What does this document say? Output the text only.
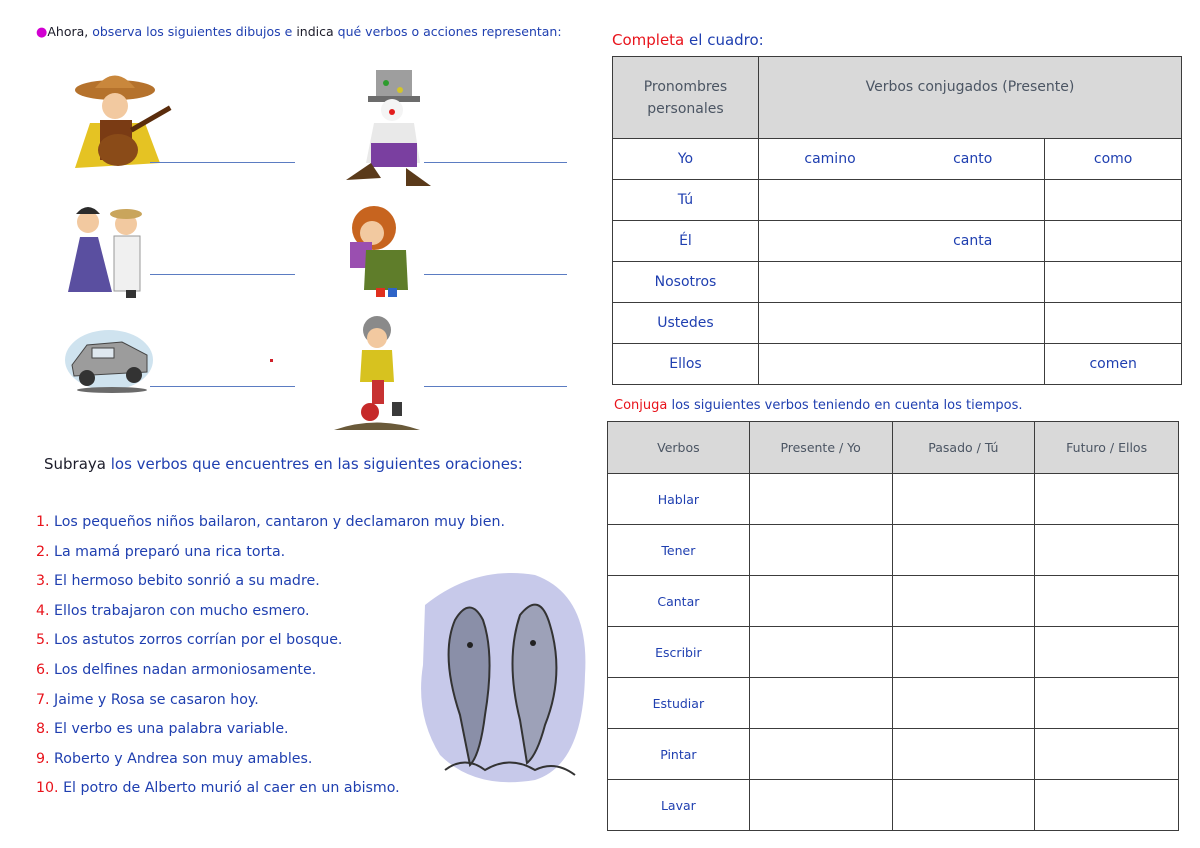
●Ahora, observa los siguientes dibujos e indica qué verbos o acciones representan:
Subraya los verbos que encuentres en las siguientes oraciones:
1. Los pequeños niños bailaron, cantaron y declamaron muy bien.
2. La mamá preparó una rica torta.
3. El hermoso bebito sonrió a su madre.
4. Ellos trabajaron con mucho esmero.
5. Los astutos zorros corrían por el bosque.
6. Los delfines nadan armoniosamente.
7. Jaime y Rosa se casaron hoy.
8. El verbo es una palabra variable.
9. Roberto y Andrea son muy amables.
10. El potro de Alberto murió al caer en un abismo.
Completa el cuadro:
Pronombres personales	Verbos conjugados (Presente)		
Yo	camino	canto	como
Tú			
Él		canta	
Nosotros			
Ustedes			
Ellos			comen
Conjuga los siguientes verbos teniendo en cuenta los tiempos.
Verbos	Presente / Yo	Pasado / Tú	Futuro / Ellos
Hablar			
Tener			
Cantar			
Escribir			
Estudiar			
Pintar			
Lavar			
